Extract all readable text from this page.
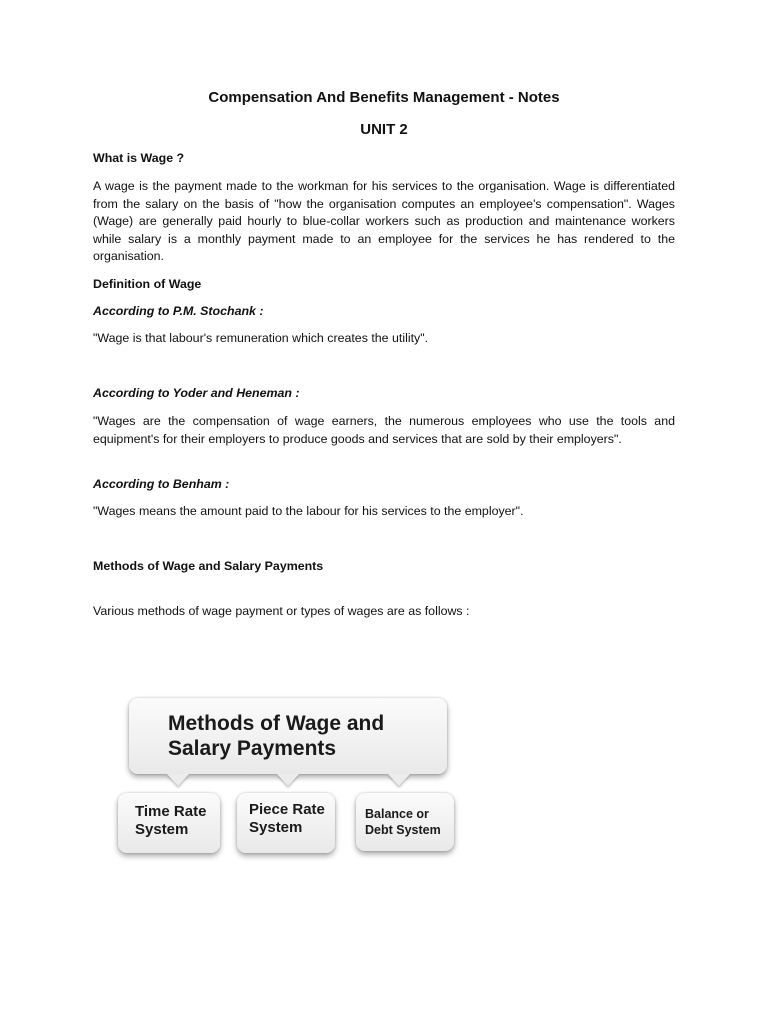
Compensation And Benefits Management - Notes
UNIT 2

What is Wage ?

A wage is the payment made to the workman for his services to the organisation. Wage is differentiated from the salary on the basis of "how the organisation computes an employee's compensation". Wages (Wage) are generally paid hourly to blue-collar workers such as production and maintenance workers while salary is a monthly payment made to an employee for the services he has rendered to the organisation.

Definition of Wage

According to P.M. Stochank :

"Wage is that labour's remuneration which creates the utility".

According to Yoder and Heneman :

"Wages are the compensation of wage earners, the numerous employees who use the tools and equipment's for their employers to produce goods and services that are sold by their employers".

According to Benham :

"Wages means the amount paid to the labour for his services to the employer".

Methods of Wage and Salary Payments

Various methods of wage payment or types of wages are as follows :

Methods of Wage and
Salary Payments

Time Rate
System

Piece Rate
System

Balance or
Debt System
